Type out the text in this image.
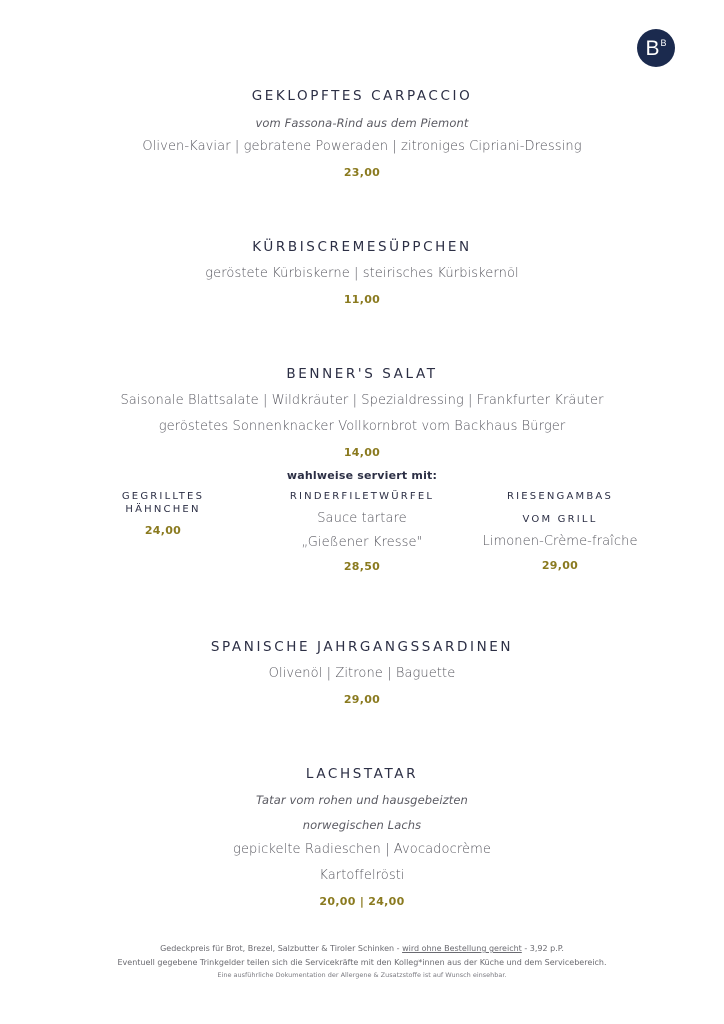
B B
GEKLOPFTES CARPACCIO
vom Fassona-Rind aus dem Piemont
Oliven-Kaviar | gebratene Poweraden | zitroniges Cipriani-Dressing
23,00
KÜRBISCREMESÜPPCHEN
geröstete Kürbiskerne | steirisches Kürbiskernöl
11,00
BENNER'S SALAT
Saisonale Blattsalate | Wildkräuter | Spezialdressing | Frankfurter Kräuter
geröstetes Sonnenknacker Vollkornbrot vom Backhaus Bürger
14,00
wahlweise serviert mit:
GEGRILLTES
HÄHNCHEN
24,00
RINDERFILETWÜRFEL
Sauce tartare
„Gießener Kresse"
28,50
RIESENGAMBAS
VOM GRILL
Limonen-Crème-fraîche
29,00
SPANISCHE JAHRGANGSSARDINEN
Olivenöl | Zitrone | Baguette
29,00
LACHSTATAR
Tatar vom rohen und hausgebeizten
norwegischen Lachs
gepickelte Radieschen | Avocadocrème
Kartoffelrösti
20,00 | 24,00
Gedeckpreis für Brot, Brezel, Salzbutter & Tiroler Schinken - wird ohne Bestellung gereicht - 3,92 p.P.
Eventuell gegebene Trinkgelder teilen sich die Servicekräfte mit den Kolleg*innen aus der Küche und dem Servicebereich.
Eine ausführliche Dokumentation der Allergene & Zusatzstoffe ist auf Wunsch einsehbar.
